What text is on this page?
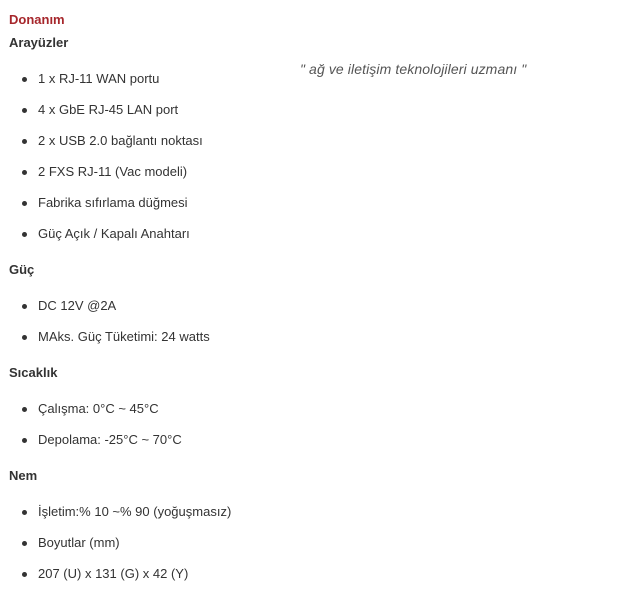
Donanım
" ağ ve iletişim teknolojileri uzmanı "
Arayüzler
1 x RJ-11 WAN portu
4 x GbE RJ-45 LAN port
2 x USB 2.0 bağlantı noktası
2 FXS RJ-11 (Vac modeli)
Fabrika sıfırlama düğmesi
Güç Açık / Kapalı Anahtarı
Güç
DC 12V @2A
MAks. Güç Tüketimi: 24 watts
Sıcaklık
Çalışma: 0°C ~ 45°C
Depolama: -25°C ~ 70°C
Nem
İşletim:% 10 ~% 90 (yoğuşmasız)
Boyutlar (mm)
207 (U) x 131 (G) x 42 (Y)
